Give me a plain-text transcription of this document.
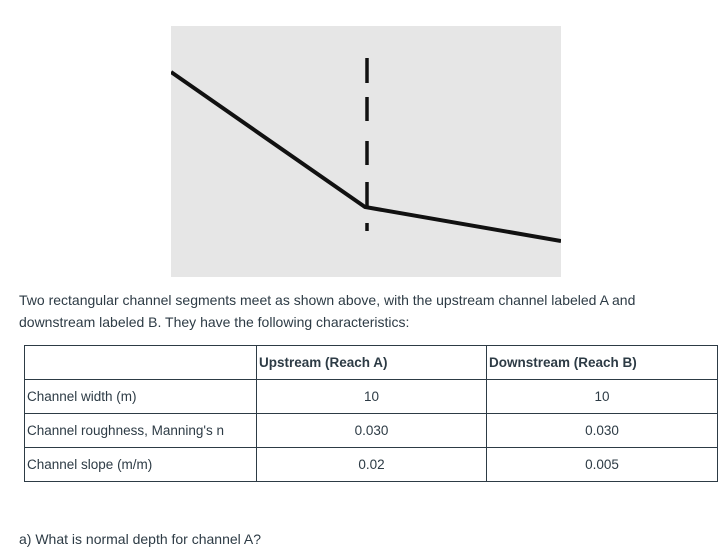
Two rectangular channel segments meet as shown above, with the upstream channel labeled A and downstream labeled B. They have the following characteristics:

	Upstream (Reach A)	Downstream (Reach B)
Channel width (m)	10	10
Channel roughness, Manning's n	0.030	0.030
Channel slope (m/m)	0.02	0.005

a) What is normal depth for channel A?
